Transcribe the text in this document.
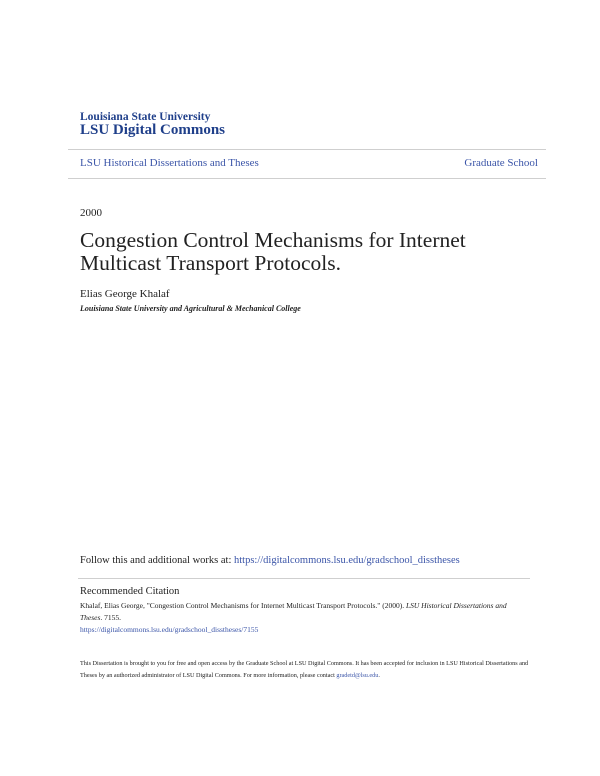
Louisiana State University
LSU Digital Commons
LSU Historical Dissertations and Theses	Graduate School
2000
Congestion Control Mechanisms for Internet Multicast Transport Protocols.
Elias George Khalaf
Louisiana State University and Agricultural & Mechanical College
Follow this and additional works at: https://digitalcommons.lsu.edu/gradschool_disstheses
Recommended Citation
Khalaf, Elias George, "Congestion Control Mechanisms for Internet Multicast Transport Protocols." (2000). LSU Historical Dissertations and Theses. 7155.
https://digitalcommons.lsu.edu/gradschool_disstheses/7155
This Dissertation is brought to you for free and open access by the Graduate School at LSU Digital Commons. It has been accepted for inclusion in LSU Historical Dissertations and Theses by an authorized administrator of LSU Digital Commons. For more information, please contact gradetd@lsu.edu.
